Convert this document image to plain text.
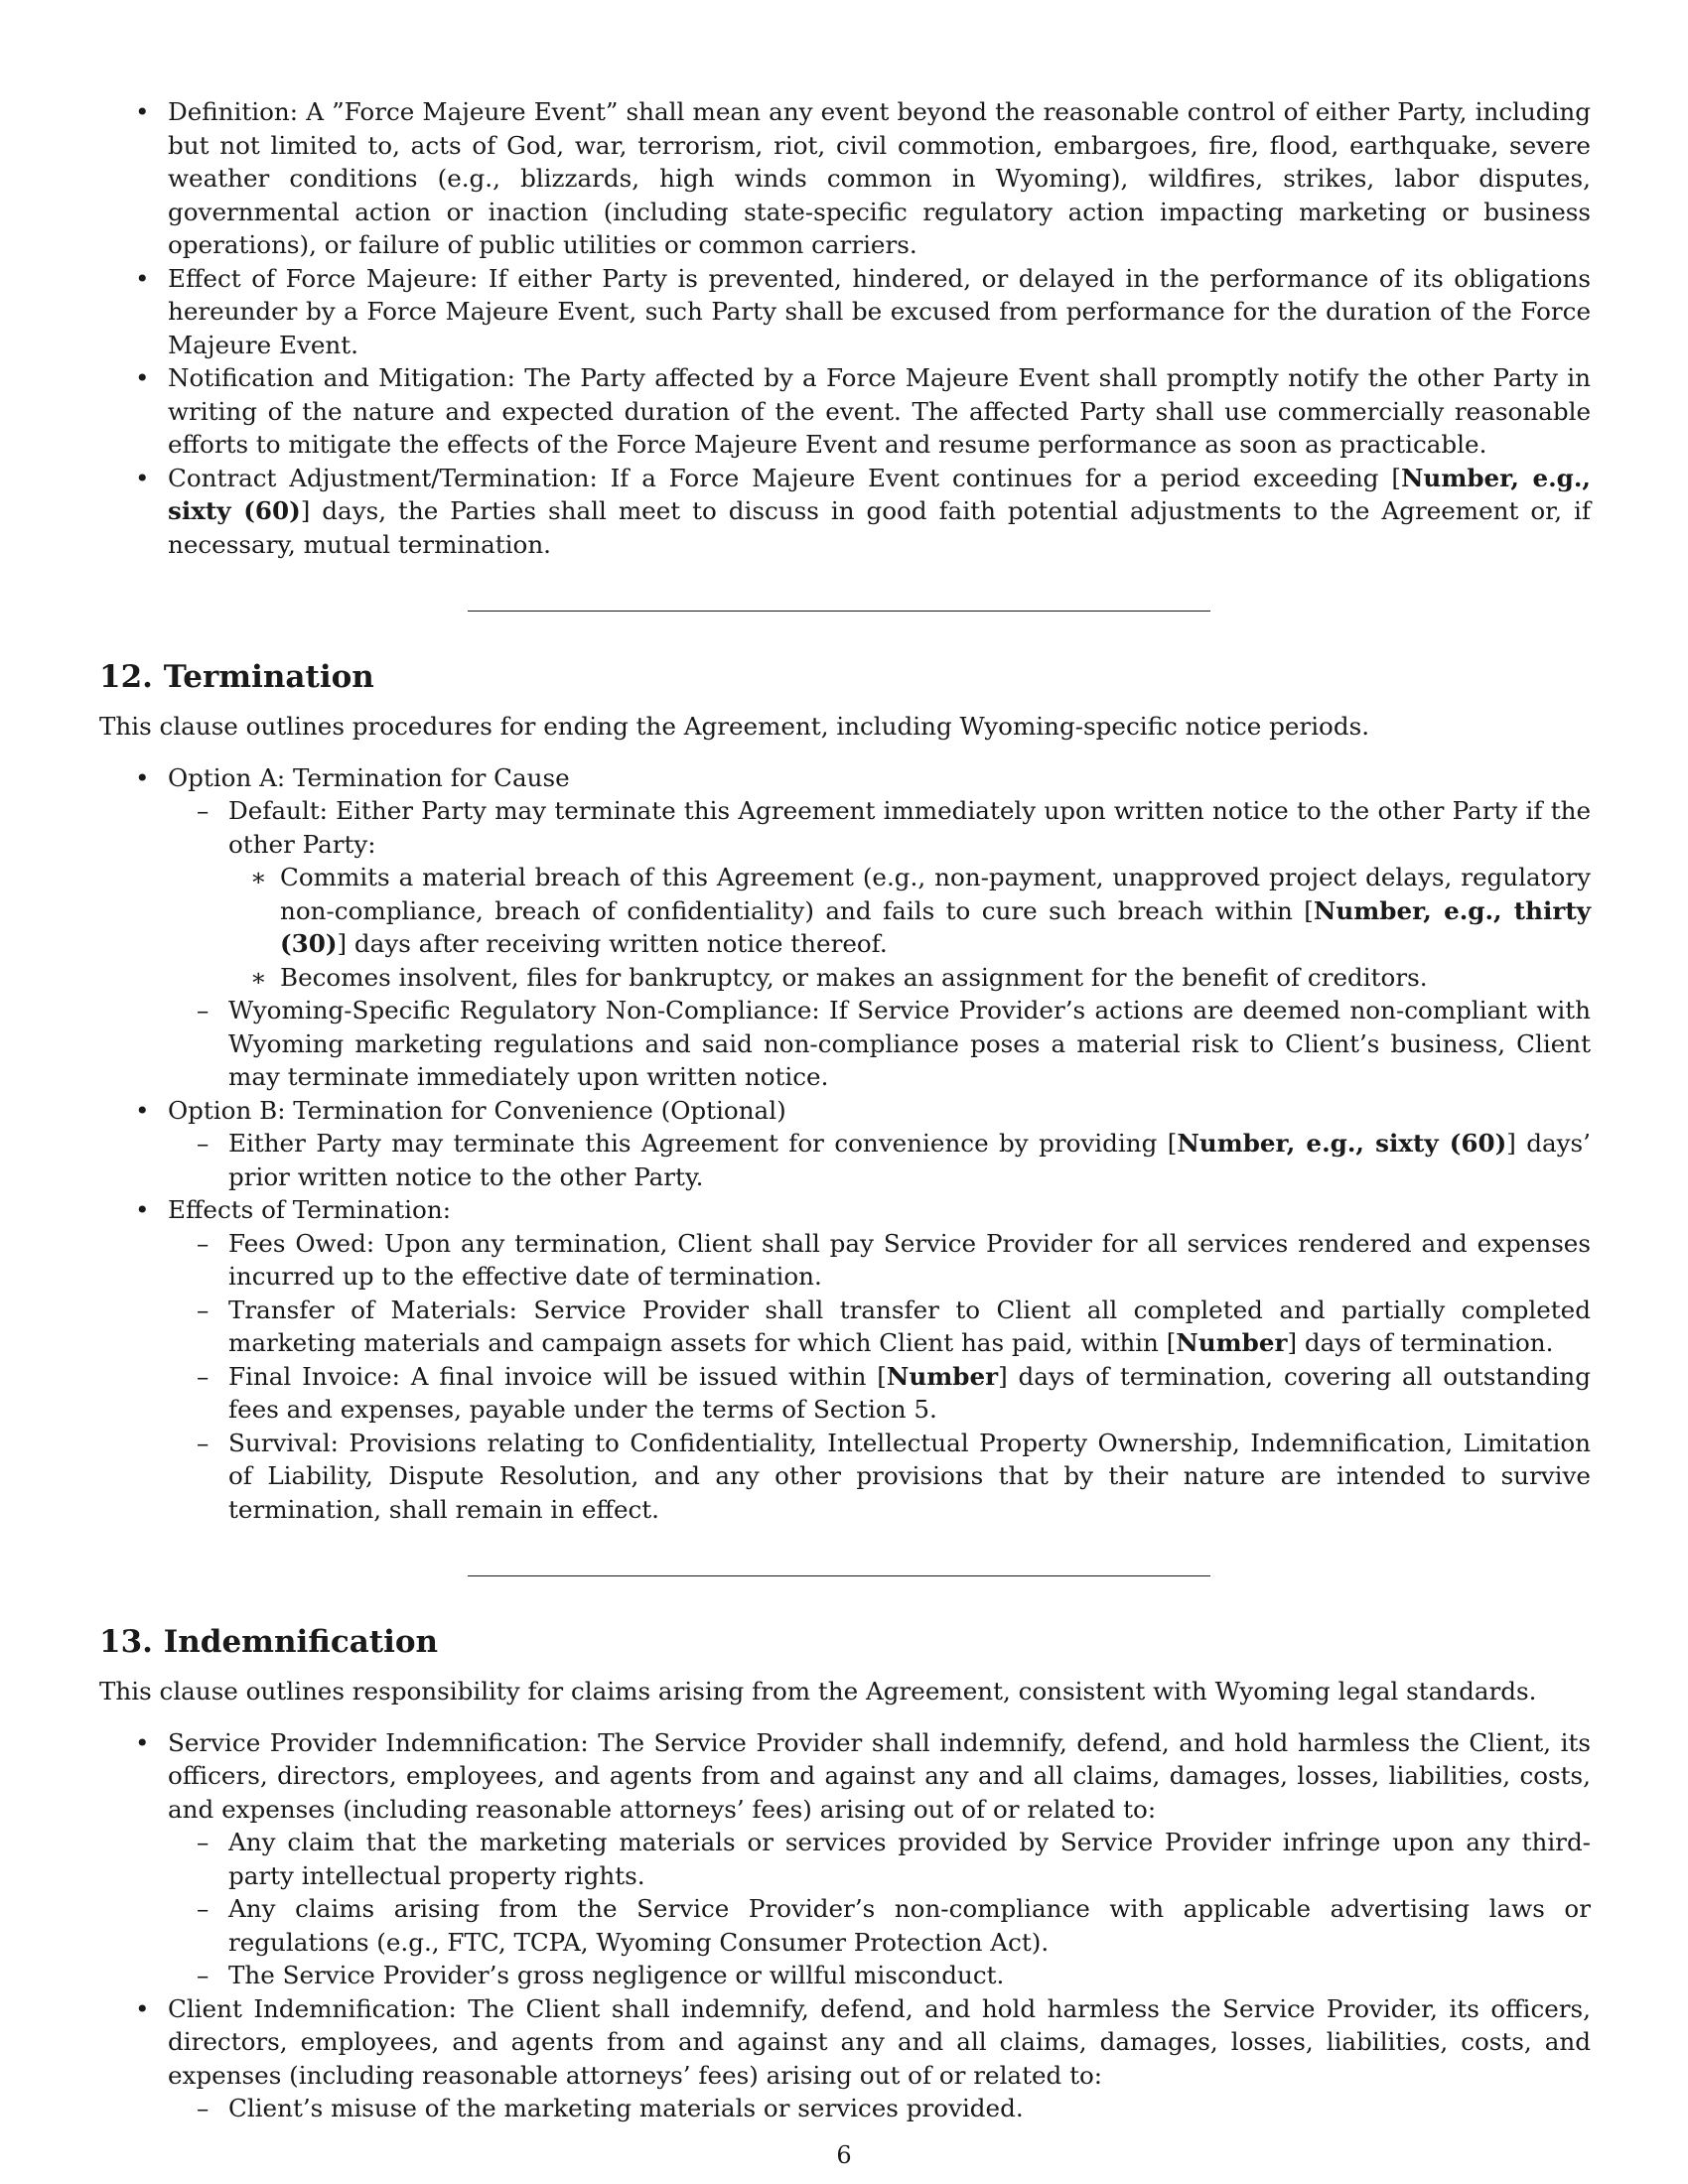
• Definition: A ”Force Majeure Event” shall mean any event beyond the reasonable control of either Party, including but not limited to, acts of God, war, terrorism, riot, civil commotion, embargoes, fire, flood, earthquake, severe weather conditions (e.g., blizzards, high winds common in Wyoming), wildfires, strikes, labor disputes, governmental action or inaction (including state-specific regulatory action impacting marketing or business operations), or failure of public utilities or common carriers.
• Effect of Force Majeure: If either Party is prevented, hindered, or delayed in the performance of its obligations hereunder by a Force Majeure Event, such Party shall be excused from performance for the duration of the Force Majeure Event.
• Notification and Mitigation: The Party affected by a Force Majeure Event shall promptly notify the other Party in writing of the nature and expected duration of the event. The affected Party shall use commercially reasonable efforts to mitigate the effects of the Force Majeure Event and resume performance as soon as practicable.
• Contract Adjustment/Termination: If a Force Majeure Event continues for a period exceeding [Number, e.g., sixty (60)] days, the Parties shall meet to discuss in good faith potential adjustments to the Agreement or, if necessary, mutual termination.
12. Termination

This clause outlines procedures for ending the Agreement, including Wyoming-specific notice periods.

• Option A: Termination for Cause
– Default: Either Party may terminate this Agreement immediately upon written notice to the other Party if the other Party:
∗ Commits a material breach of this Agreement (e.g., non-payment, unapproved project delays, regulatory non-compliance, breach of confidentiality) and fails to cure such breach within [Number, e.g., thirty (30)] days after receiving written notice thereof.
∗ Becomes insolvent, files for bankruptcy, or makes an assignment for the benefit of creditors.
– Wyoming-Specific Regulatory Non-Compliance: If Service Provider’s actions are deemed non-compliant with Wyoming marketing regulations and said non-compliance poses a material risk to Client’s business, Client may terminate immediately upon written notice.
• Option B: Termination for Convenience (Optional)
– Either Party may terminate this Agreement for convenience by providing [Number, e.g., sixty (60)] days’ prior written notice to the other Party.
• Effects of Termination:
– Fees Owed: Upon any termination, Client shall pay Service Provider for all services rendered and expenses incurred up to the effective date of termination.
– Transfer of Materials: Service Provider shall transfer to Client all completed and partially completed marketing materials and campaign assets for which Client has paid, within [Number] days of termination.
– Final Invoice: A final invoice will be issued within [Number] days of termination, covering all outstanding fees and expenses, payable under the terms of Section 5.
– Survival: Provisions relating to Confidentiality, Intellectual Property Ownership, Indemnification, Limitation of Liability, Dispute Resolution, and any other provisions that by their nature are intended to survive termination, shall remain in effect.
13. Indemnification

This clause outlines responsibility for claims arising from the Agreement, consistent with Wyoming legal standards.

• Service Provider Indemnification: The Service Provider shall indemnify, defend, and hold harmless the Client, its officers, directors, employees, and agents from and against any and all claims, damages, losses, liabilities, costs, and expenses (including reasonable attorneys’ fees) arising out of or related to:
– Any claim that the marketing materials or services provided by Service Provider infringe upon any third-party intellectual property rights.
– Any claims arising from the Service Provider’s non-compliance with applicable advertising laws or regulations (e.g., FTC, TCPA, Wyoming Consumer Protection Act).
– The Service Provider’s gross negligence or willful misconduct.
• Client Indemnification: The Client shall indemnify, defend, and hold harmless the Service Provider, its officers, directors, employees, and agents from and against any and all claims, damages, losses, liabilities, costs, and expenses (including reasonable attorneys’ fees) arising out of or related to:
– Client’s misuse of the marketing materials or services provided.
6
